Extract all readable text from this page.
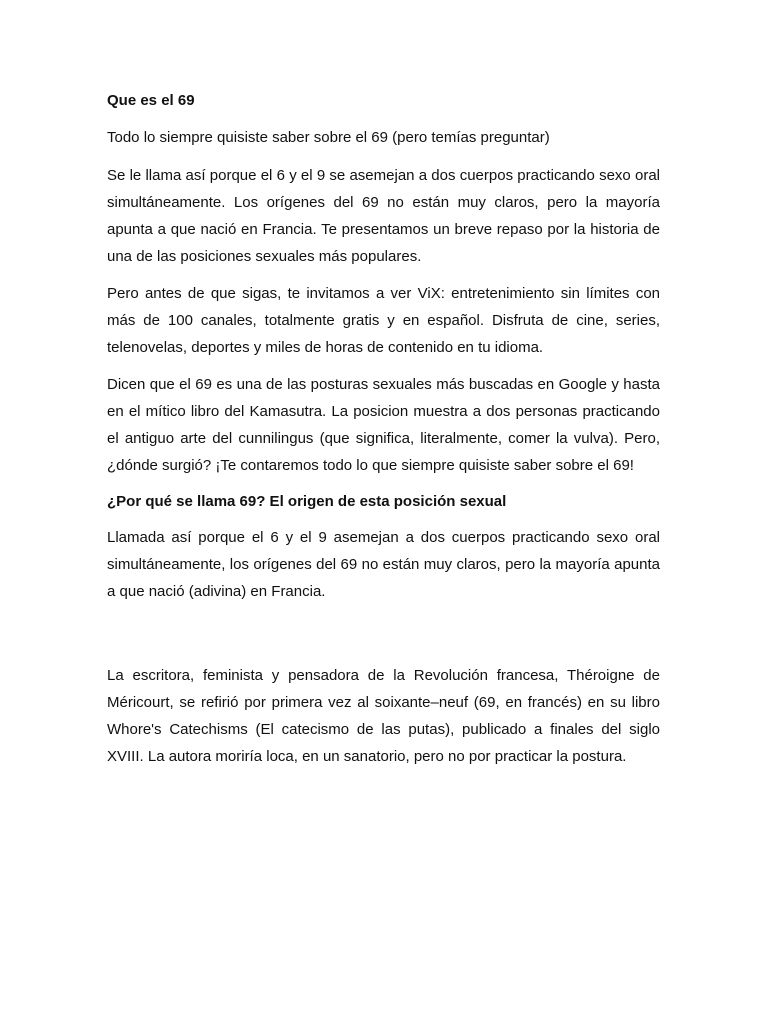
Que es el 69
Todo lo siempre quisiste saber sobre el 69 (pero temías preguntar)
Se le llama así porque el 6 y el 9 se asemejan a dos cuerpos practicando sexo oral simultáneamente. Los orígenes del 69 no están muy claros, pero la mayoría apunta a que nació en Francia. Te presentamos un breve repaso por la historia de una de las posiciones sexuales más populares.
Pero antes de que sigas, te invitamos a ver ViX: entretenimiento sin límites con más de 100 canales, totalmente gratis y en español. Disfruta de cine, series, telenovelas, deportes y miles de horas de contenido en tu idioma.
Dicen que el 69 es una de las posturas sexuales más buscadas en Google y hasta en el mítico libro del Kamasutra. La posicion muestra a dos personas practicando el antiguo arte del cunnilingus (que significa, literalmente, comer la vulva). Pero, ¿dónde surgió? ¡Te contaremos todo lo que siempre quisiste saber sobre el 69!
¿Por qué se llama 69? El origen de esta posición sexual
Llamada así porque el 6 y el 9 asemejan a dos cuerpos practicando sexo oral simultáneamente, los orígenes del 69 no están muy claros, pero la mayoría apunta a que nació (adivina) en Francia.
La escritora, feminista y pensadora de la Revolución francesa, Théroigne de Méricourt, se refirió por primera vez al soixante–neuf (69, en francés) en su libro Whore's Catechisms (El catecismo de las putas), publicado a finales del siglo XVIII. La autora moriría loca, en un sanatorio, pero no por practicar la postura.
